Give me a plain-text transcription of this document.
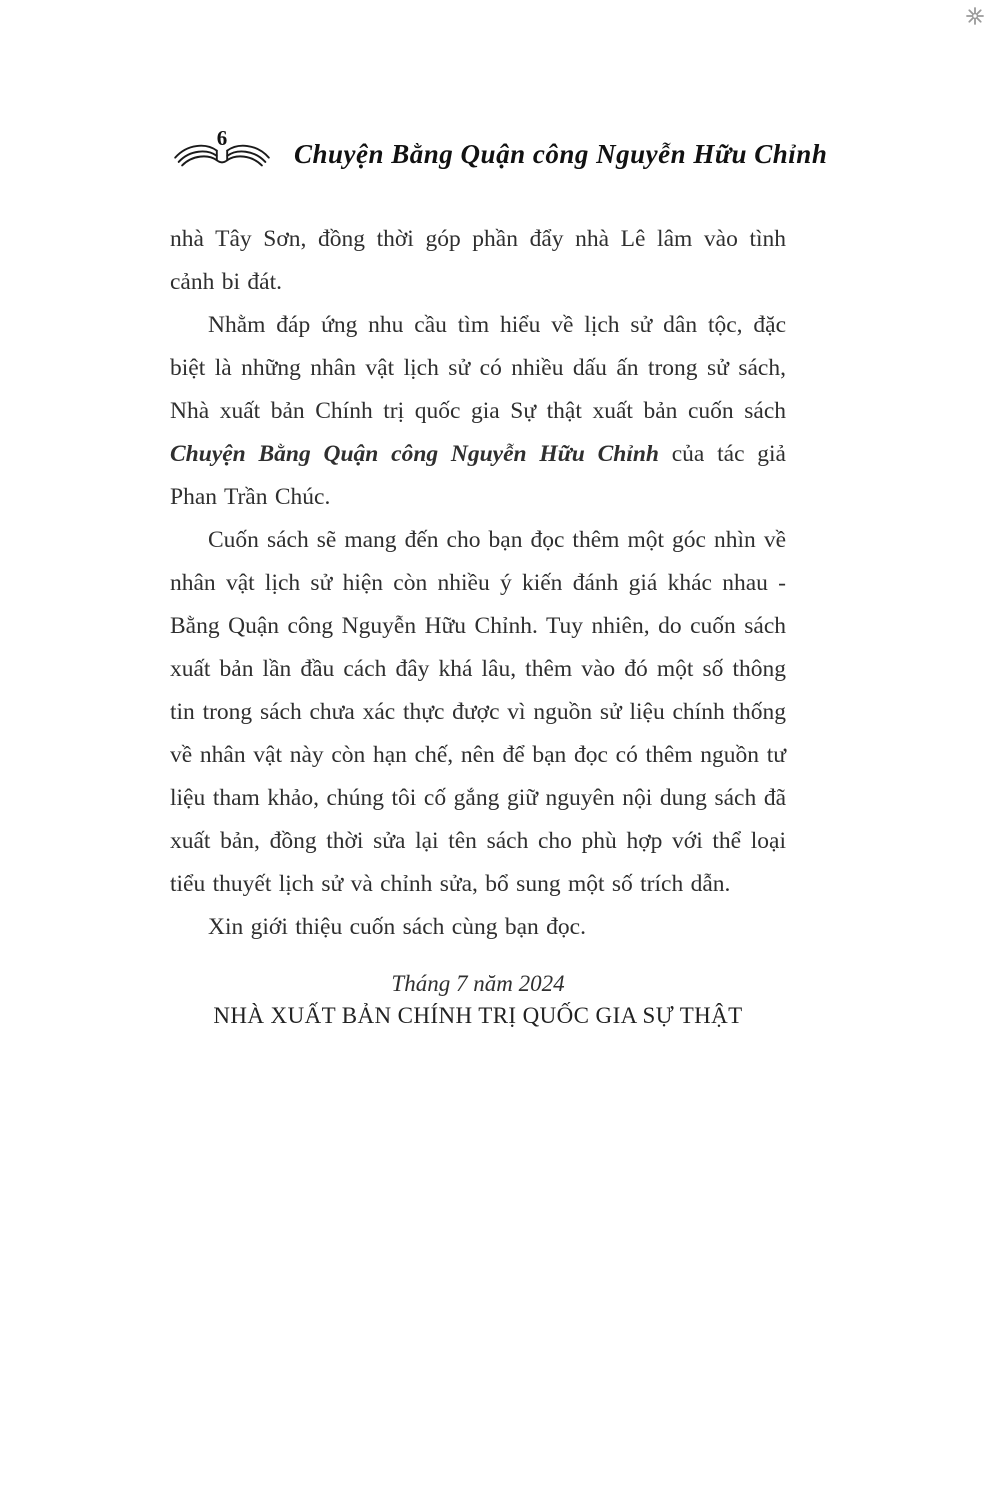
6
Chuyện Bằng Quận công Nguyễn Hữu Chỉnh

nhà Tây Sơn, đồng thời góp phần đẩy nhà Lê lâm vào tình cảnh bi đát.

Nhằm đáp ứng nhu cầu tìm hiểu về lịch sử dân tộc, đặc biệt là những nhân vật lịch sử có nhiều dấu ấn trong sử sách, Nhà xuất bản Chính trị quốc gia Sự thật xuất bản cuốn sách Chuyện Bằng Quận công Nguyễn Hữu Chỉnh của tác giả Phan Trần Chúc.

Cuốn sách sẽ mang đến cho bạn đọc thêm một góc nhìn về nhân vật lịch sử hiện còn nhiều ý kiến đánh giá khác nhau - Bằng Quận công Nguyễn Hữu Chỉnh. Tuy nhiên, do cuốn sách xuất bản lần đầu cách đây khá lâu, thêm vào đó một số thông tin trong sách chưa xác thực được vì nguồn sử liệu chính thống về nhân vật này còn hạn chế, nên để bạn đọc có thêm nguồn tư liệu tham khảo, chúng tôi cố gắng giữ nguyên nội dung sách đã xuất bản, đồng thời sửa lại tên sách cho phù hợp với thể loại tiểu thuyết lịch sử và chỉnh sửa, bổ sung một số trích dẫn.

Xin giới thiệu cuốn sách cùng bạn đọc.

Tháng 7 năm 2024
NHÀ XUẤT BẢN CHÍNH TRỊ QUỐC GIA SỰ THẬT
